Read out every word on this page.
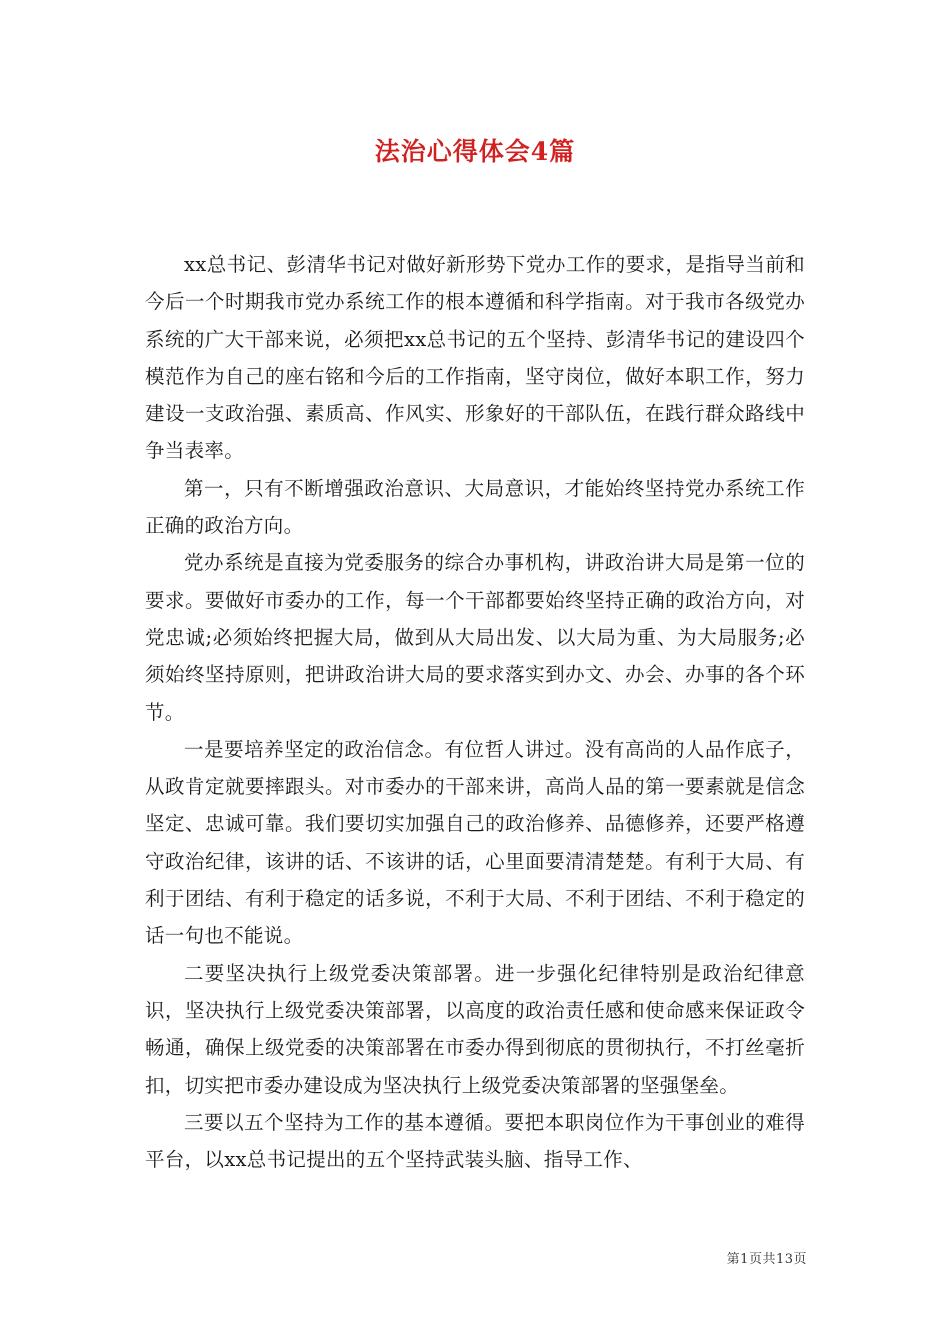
法治心得体会4篇

xx总书记、彭清华书记对做好新形势下党办工作的要求，是指导当前和今后一个时期我市党办系统工作的根本遵循和科学指南。对于我市各级党办系统的广大干部来说，必须把xx总书记的五个坚持、彭清华书记的建设四个模范作为自己的座右铭和今后的工作指南，坚守岗位，做好本职工作，努力建设一支政治强、素质高、作风实、形象好的干部队伍，在践行群众路线中争当表率。

第一，只有不断增强政治意识、大局意识，才能始终坚持党办系统工作正确的政治方向。

党办系统是直接为党委服务的综合办事机构，讲政治讲大局是第一位的要求。要做好市委办的工作，每一个干部都要始终坚持正确的政治方向，对党忠诚;必须始终把握大局，做到从大局出发、以大局为重、为大局服务;必须始终坚持原则，把讲政治讲大局的要求落实到办文、办会、办事的各个环节。

一是要培养坚定的政治信念。有位哲人讲过。没有高尚的人品作底子，从政肯定就要摔跟头。对市委办的干部来讲，高尚人品的第一要素就是信念坚定、忠诚可靠。我们要切实加强自己的政治修养、品德修养，还要严格遵守政治纪律，该讲的话、不该讲的话，心里面要清清楚楚。有利于大局、有利于团结、有利于稳定的话多说，不利于大局、不利于团结、不利于稳定的话一句也不能说。

二要坚决执行上级党委决策部署。进一步强化纪律特别是政治纪律意识，坚决执行上级党委决策部署，以高度的政治责任感和使命感来保证政令畅通，确保上级党委的决策部署在市委办得到彻底的贯彻执行，不打丝毫折扣，切实把市委办建设成为坚决执行上级党委决策部署的坚强堡垒。

三要以五个坚持为工作的基本遵循。要把本职岗位作为干事创业的难得平台，以xx总书记提出的五个坚持武装头脑、指导工作、

第1页共13页
